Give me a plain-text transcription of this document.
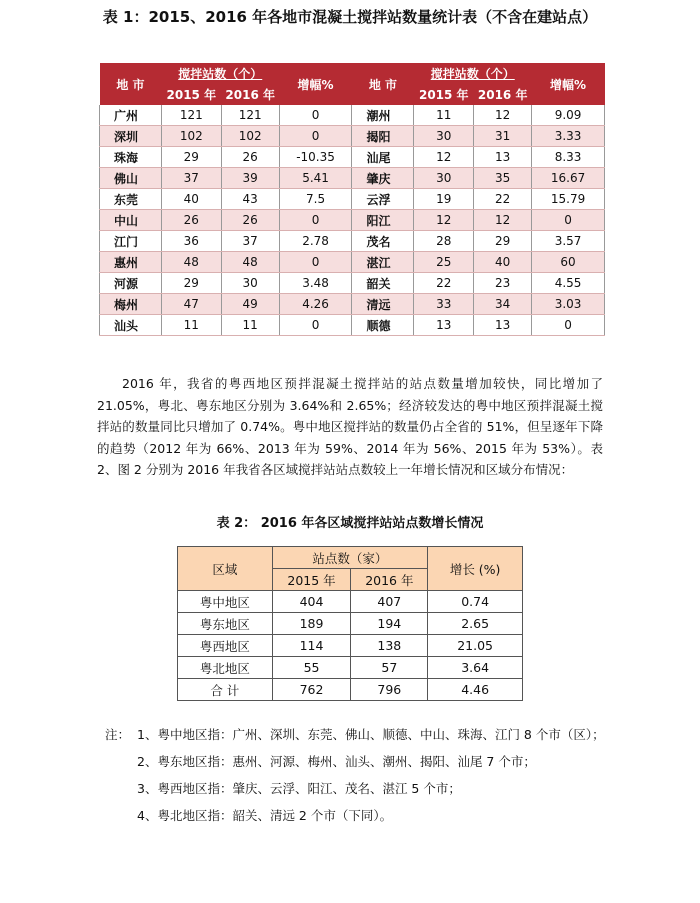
表 1：2015、2016 年各地市混凝土搅拌站数量统计表（不含在建站点）
地 市	搅拌站数（个）		增幅%	地 市	搅拌站数（个）		增幅%
	2015 年	2016 年			2015 年	2016 年	
广州	121	121	0	潮州	11	12	9.09
深圳	102	102	0	揭阳	30	31	3.33
珠海	29	26	-10.35	汕尾	12	13	8.33
佛山	37	39	5.41	肇庆	30	35	16.67
东莞	40	43	7.5	云浮	19	22	15.79
中山	26	26	0	阳江	12	12	0
江门	36	37	2.78	茂名	28	29	3.57
惠州	48	48	0	湛江	25	40	60
河源	29	30	3.48	韶关	22	23	4.55
梅州	47	49	4.26	清远	33	34	3.03
汕头	11	11	0	顺德	13	13	0

2016 年，我省的粤西地区预拌混凝土搅拌站的站点数量增加较快，同比增加了 21.05%，粤北、粤东地区分别为 3.64%和 2.65%；经济较发达的粤中地区预拌混凝土搅拌站的数量同比只增加了 0.74%。粤中地区搅拌站的数量仍占全省的 51%，但呈逐年下降的趋势（2012 年为 66%、2013 年为 59%、2014 年为 56%、2015 年为 53%）。表 2、图 2 分别为 2016 年我省各区域搅拌站站点数较上一年增长情况和区域分布情况：

表 2： 2016 年各区域搅拌站站点数增长情况
区域	站点数（家）		增长 (%)
	2015 年	2016 年	
粤中地区	404	407	0.74
粤东地区	189	194	2.65
粤西地区	114	138	21.05
粤北地区	55	57	3.64
合 计	762	796	4.46
注： 1、粤中地区指：广州、深圳、东莞、佛山、顺德、中山、珠海、江门 8 个市（区）；
2、粤东地区指：惠州、河源、梅州、汕头、潮州、揭阳、汕尾 7 个市；
3、粤西地区指：肇庆、云浮、阳江、茂名、湛江 5 个市；
4、粤北地区指：韶关、清远 2 个市（下同）。
